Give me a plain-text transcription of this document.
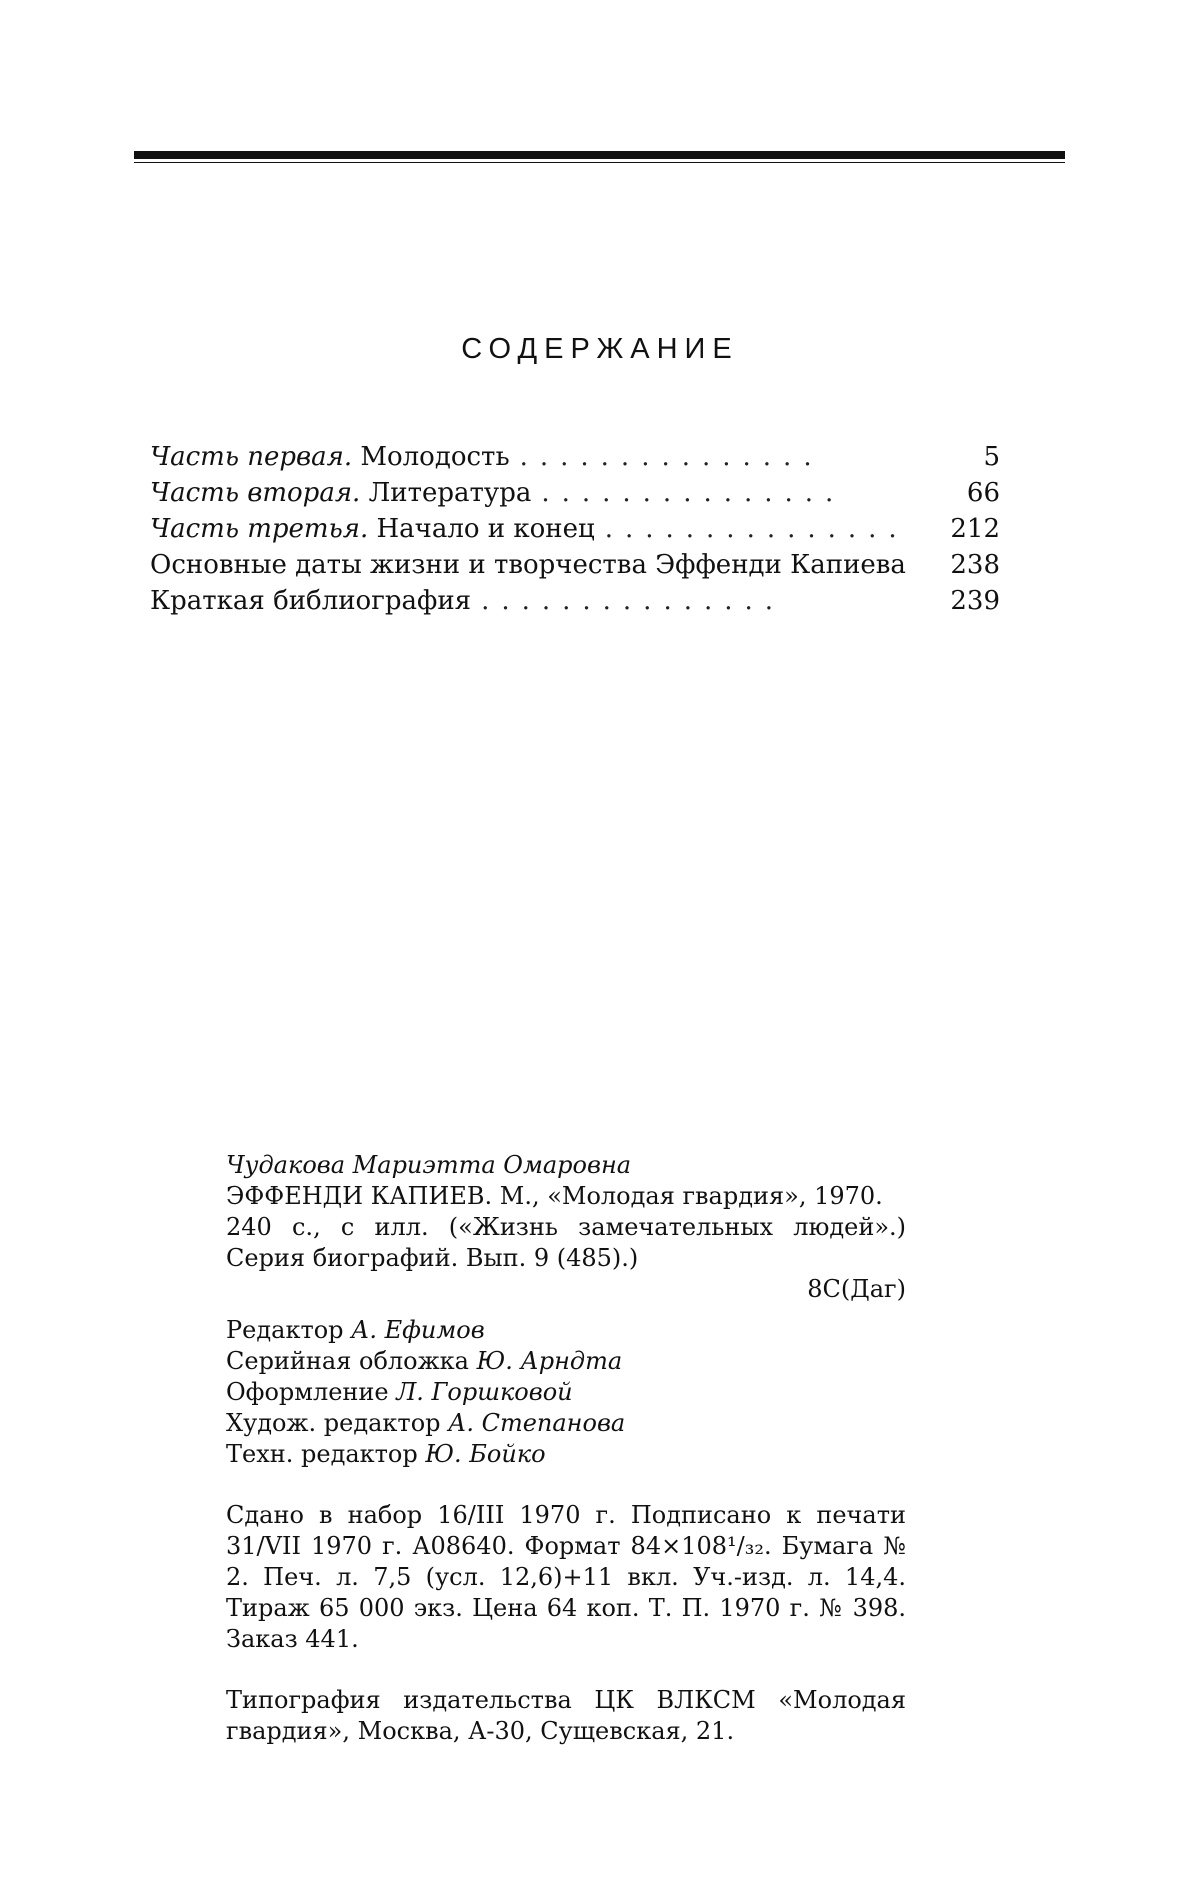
СОДЕРЖАНИЕ
Часть первая. Молодость ...............	5
Часть вторая. Литература ...............	66
Часть третья. Начало и конец ...............	212
Основные даты жизни и творчества Эффенди Капиева	238
Краткая библиография ...............	239

Чудакова Мариэтта Омаровна

ЭФФЕНДИ КАПИЕВ. М., «Молодая гвардия», 1970.

240 с., с илл. («Жизнь замечательных людей».) Серия биографий. Вып. 9 (485).)

8С(Даг)

Редактор А. Ефимов

Серийная обложка Ю. Арндта

Оформление Л. Горшковой

Худож. редактор А. Степанова

Техн. редактор Ю. Бойко

Сдано в набор 16/III 1970 г. Подписано к печати 31/VII 1970 г. А08640. Формат 84×108¹/₃₂. Бумага № 2. Печ. л. 7,5 (усл. 12,6)+11 вкл. Уч.-изд. л. 14,4. Тираж 65 000 экз. Цена 64 коп. Т. П. 1970 г. № 398. Заказ 441.

Типография издательства ЦК ВЛКСМ «Молодая гвардия», Москва, А-30, Сущевская, 21.
